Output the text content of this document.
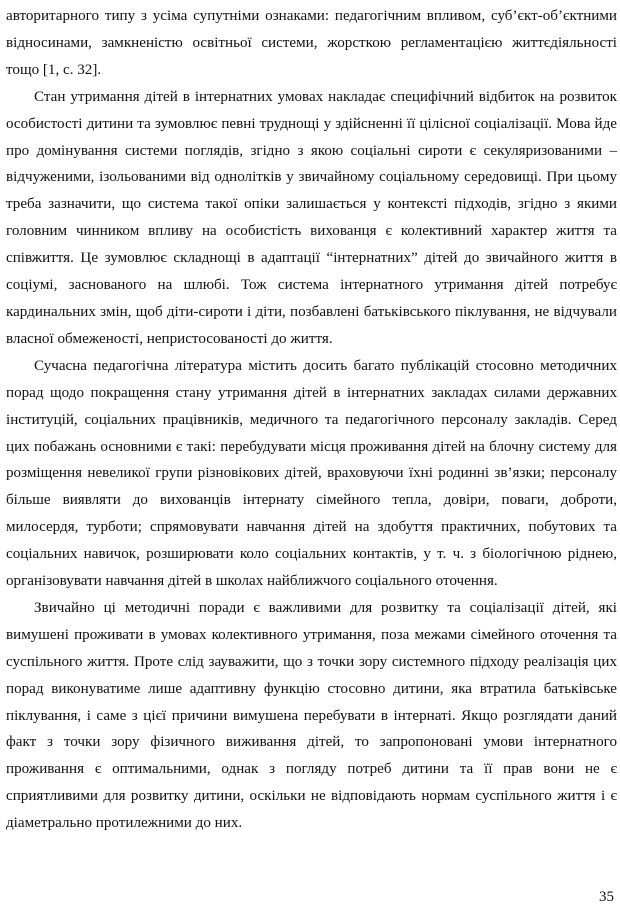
авторитарного типу з усіма супутніми ознаками: педагогічним впливом, суб’єкт-об’єктними відносинами, замкненістю освітньої системи, жорсткою регламентацією життєдіяльності тощо [1, с. 32].

Стан утримання дітей в інтернатних умовах накладає специфічний відбиток на розвиток особистості дитини та зумовлює певні труднощі у здійсненні її цілісної соціалізації. Мова йде про домінування системи поглядів, згідно з якою соціальні сироти є секуляризованими – відчуженими, ізольованими від однолітків у звичайному соціальному середовищі. При цьому треба зазначити, що система такої опіки залишається у контексті підходів, згідно з якими головним чинником впливу на особистість вихованця є колективний характер життя та співжиття. Це зумовлює складнощі в адаптації “інтернатних” дітей до звичайного життя в соціумі, заснованого на шлюбі. Тож система інтернатного утримання дітей потребує кардинальних змін, щоб діти-сироти і діти, позбавлені батьківського піклування, не відчували власної обмеженості, непристосованості до життя.

Сучасна педагогічна література містить досить багато публікацій стосовно методичних порад щодо покращення стану утримання дітей в інтернатних закладах силами державних інституцій, соціальних працівників, медичного та педагогічного персоналу закладів. Серед цих побажань основними є такі: перебудувати місця проживання дітей на блочну систему для розміщення невеликої групи різновікових дітей, враховуючи їхні родинні зв’язки; персоналу більше виявляти до вихованців інтернату сімейного тепла, довіри, поваги, доброти, милосердя, турботи; спрямовувати навчання дітей на здобуття практичних, побутових та соціальних навичок, розширювати коло соціальних контактів, у т. ч. з біологічною ріднею, організовувати навчання дітей в школах найближчого соціального оточення.

Звичайно ці методичні поради є важливими для розвитку та соціалізації дітей, які вимушені проживати в умовах колективного утримання, поза межами сімейного оточення та суспільного життя. Проте слід зауважити, що з точки зору системного підходу реалізація цих порад виконуватиме лише адаптивну функцію стосовно дитини, яка втратила батьківське піклування, і саме з цієї причини вимушена перебувати в інтернаті. Якщо розглядати даний факт з точки зору фізичного виживання дітей, то запропоновані умови інтернатного проживання є оптимальними, однак з погляду потреб дитини та її прав вони не є сприятливими для розвитку дитини, оскільки не відповідають нормам суспільного життя і є діаметрально протилежними до них.

35
